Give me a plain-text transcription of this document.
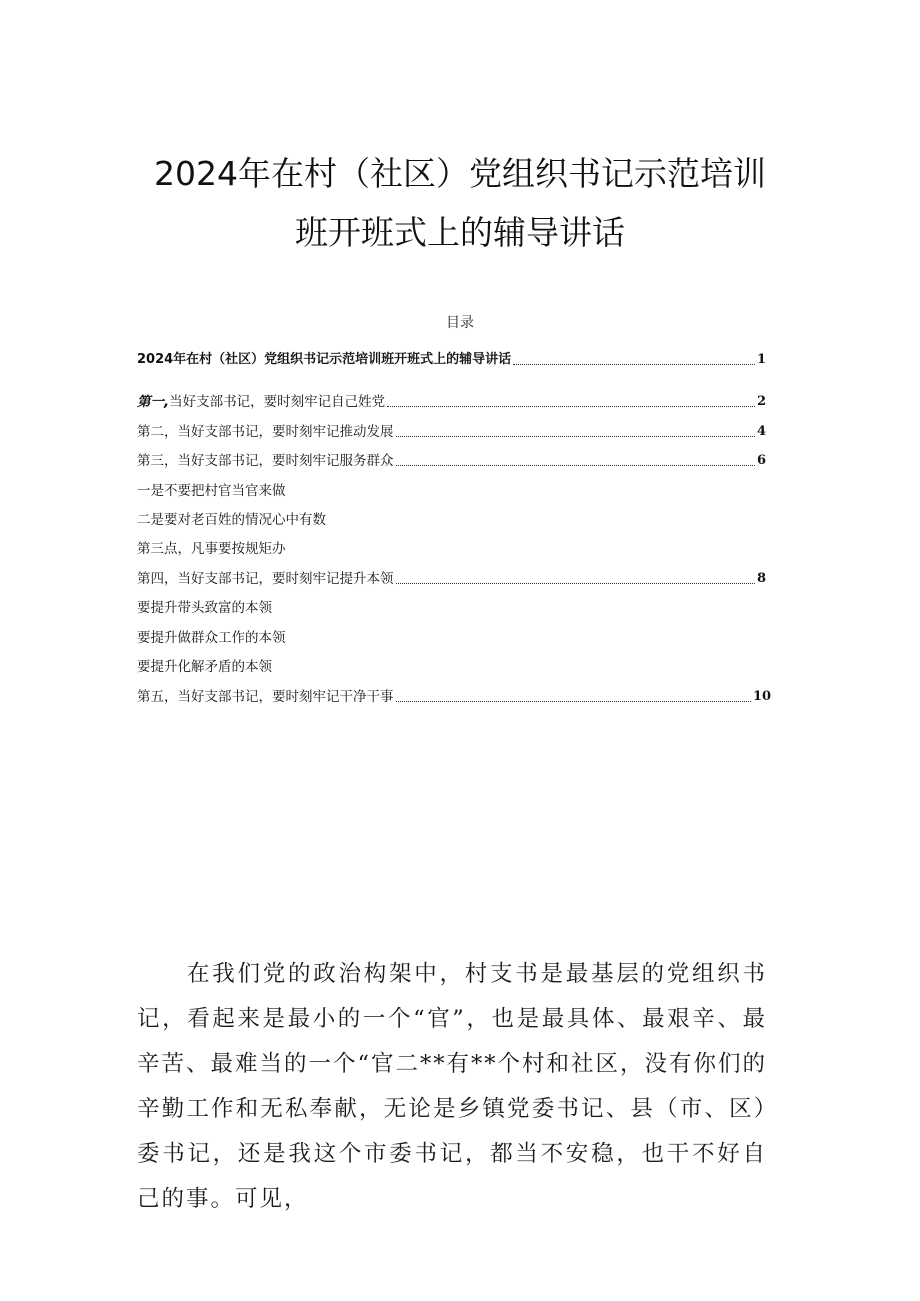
2024年在村（社区）党组织书记示范培训
班开班式上的辅导讲话
目录
2024年在村（社区）党组织书记示范培训班开班式上的辅导讲话	1
第一,当好支部书记，要时刻牢记自己姓党	2
第二，当好支部书记，要时刻牢记推动发展	4
第三，当好支部书记，要时刻牢记服务群众	6
一是不要把村官当官来做
二是要对老百姓的情况心中有数
第三点，凡事要按规矩办
第四，当好支部书记，要时刻牢记提升本领	8
要提升带头致富的本领
要提升做群众工作的本领
要提升化解矛盾的本领
第五，当好支部书记，要时刻牢记干净干事	10
在我们党的政治构架中，村支书是最基层的党组织书记，看起来是最小的一个“官”，也是最具体、最艰辛、最辛苦、最难当的一个“官二**有**个村和社区，没有你们的辛勤工作和无私奉献，无论是乡镇党委书记、县（市、区）委书记，还是我这个市委书记，都当不安稳，也干不好自己的事。可见，
